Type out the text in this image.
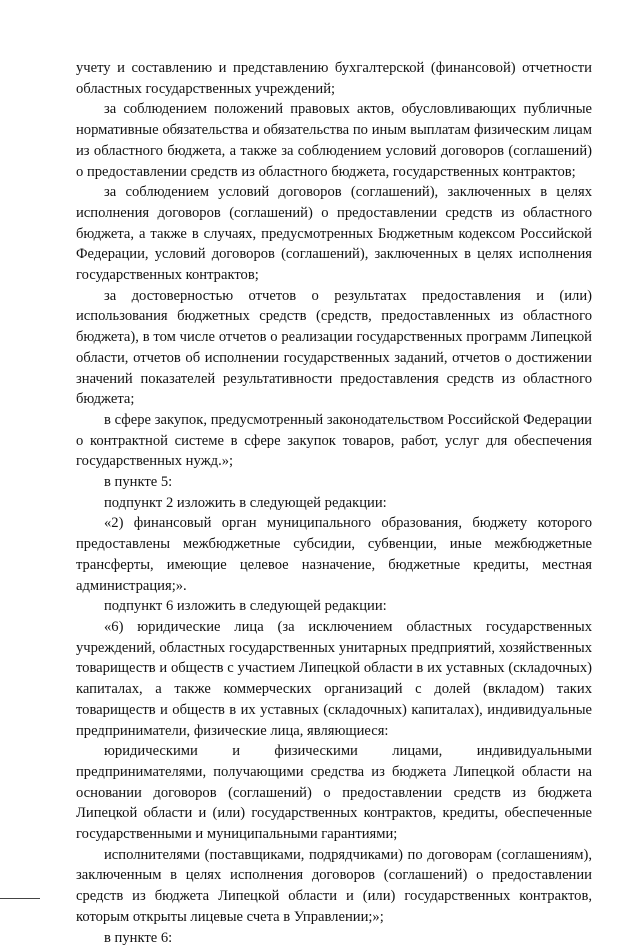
учету и составлению и представлению бухгалтерской (финансовой) отчетности областных государственных учреждений;

за соблюдением положений правовых актов, обусловливающих публичные нормативные обязательства и обязательства по иным выплатам физическим лицам из областного бюджета, а также за соблюдением условий договоров (соглашений) о предоставлении средств из областного бюджета, государственных контрактов;

за соблюдением условий договоров (соглашений), заключенных в целях исполнения договоров (соглашений) о предоставлении средств из областного бюджета, а также в случаях, предусмотренных Бюджетным кодексом Российской Федерации, условий договоров (соглашений), заключенных в целях исполнения государственных контрактов;

за достоверностью отчетов о результатах предоставления и (или) использования бюджетных средств (средств, предоставленных из областного бюджета), в том числе отчетов о реализации государственных программ Липецкой области, отчетов об исполнении государственных заданий, отчетов о достижении значений показателей результативности предоставления средств из областного бюджета;

в сфере закупок, предусмотренный законодательством Российской Федерации о контрактной системе в сфере закупок товаров, работ, услуг для обеспечения государственных нужд.»;

в пункте 5:

подпункт 2 изложить в следующей редакции:

«2) финансовый орган муниципального образования, бюджету которого предоставлены межбюджетные субсидии, субвенции, иные межбюджетные трансферты, имеющие целевое назначение, бюджетные кредиты, местная администрация;».

подпункт 6 изложить в следующей редакции:

«6) юридические лица (за исключением областных государственных учреждений, областных государственных унитарных предприятий, хозяйственных товариществ и обществ с участием Липецкой области в их уставных (складочных) капиталах, а также коммерческих организаций с долей (вкладом) таких товариществ и обществ в их уставных (складочных) капиталах), индивидуальные предприниматели, физические лица, являющиеся:

юридическими и физическими лицами, индивидуальными предпринимателями, получающими средства из бюджета Липецкой области на основании договоров (соглашений) о предоставлении средств из бюджета Липецкой области и (или) государственных контрактов, кредиты, обеспеченные государственными и муниципальными гарантиями;

исполнителями (поставщиками, подрядчиками) по договорам (соглашениям), заключенным в целях исполнения договоров (соглашений) о предоставлении средств из бюджета Липецкой области и (или) государственных контрактов, которым открыты лицевые счета в Управлении;»;

в пункте 6:
